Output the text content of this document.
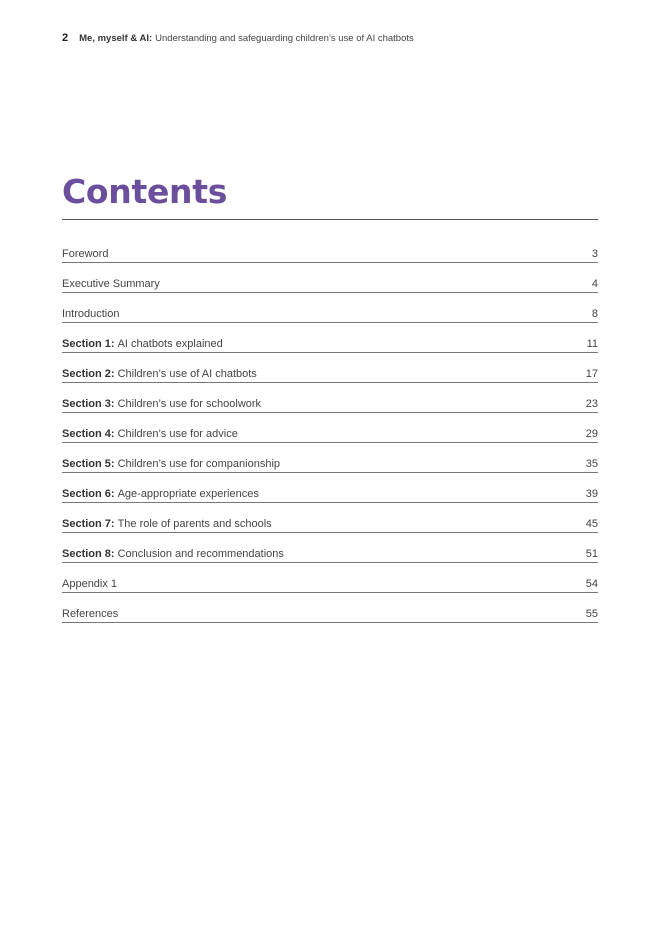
2 Me, myself & AI: Understanding and safeguarding children’s use of AI chatbots
Contents
Foreword	3
Executive Summary	4
Introduction	8
Section 1: AI chatbots explained	11
Section 2: Children’s use of AI chatbots	17
Section 3: Children’s use for schoolwork	23
Section 4: Children’s use for advice	29
Section 5: Children’s use for companionship	35
Section 6: Age-appropriate experiences	39
Section 7: The role of parents and schools	45
Section 8: Conclusion and recommendations	51
Appendix 1	54
References	55
